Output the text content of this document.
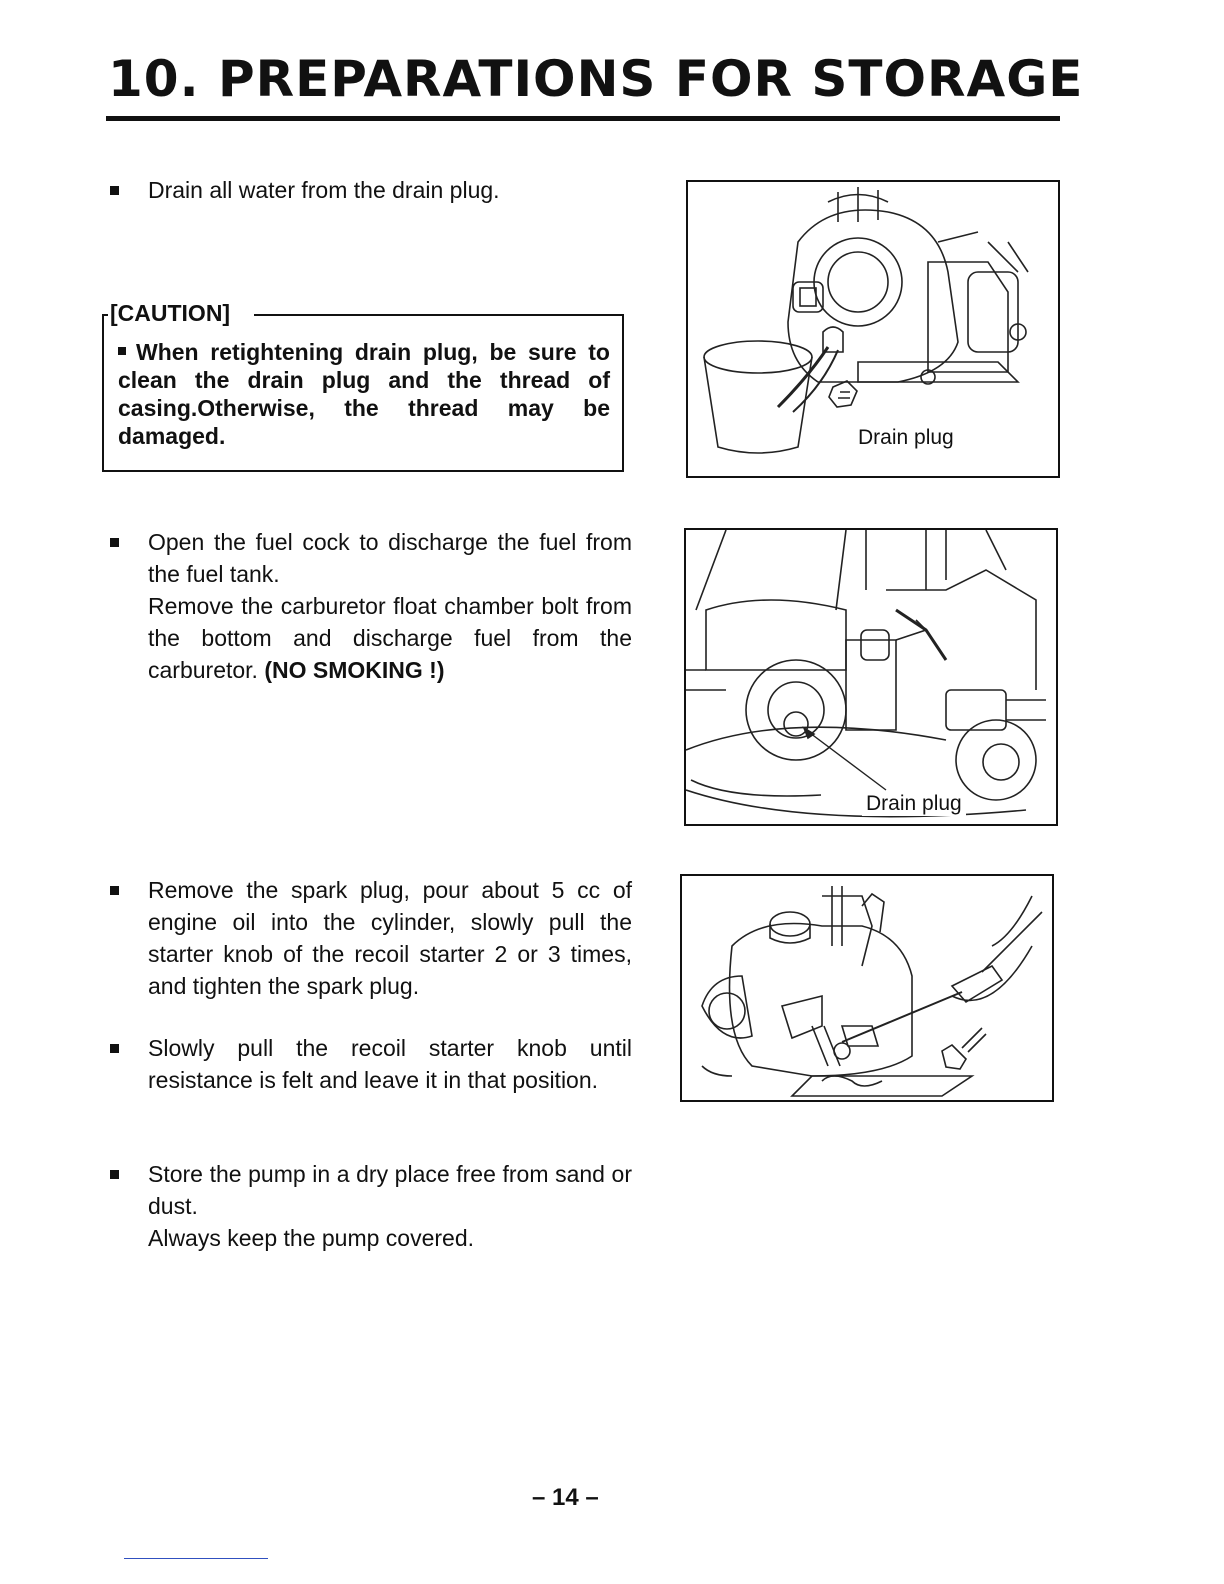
10. PREPARATIONS FOR STORAGE

Drain all water from the drain plug.

[CAUTION]
When retightening drain plug, be sure to clean the drain plug and the thread of casing.Otherwise, the thread may be damaged.	Drain plug

Open the fuel cock to discharge the fuel from the fuel tank.

Remove the carburetor float chamber bolt from the bottom and discharge fuel from the carburetor. (NO SMOKING !)

Drain plug

Remove the spark plug, pour about 5 cc of engine oil into the cylinder, slowly pull the starter knob of the recoil starter 2 or 3 times, and tighten the spark plug.

Slowly pull the recoil starter knob until resistance is felt and leave it in that position.

Store the pump in a dry place free from sand or dust.

Always keep the pump covered.

– 14 –
